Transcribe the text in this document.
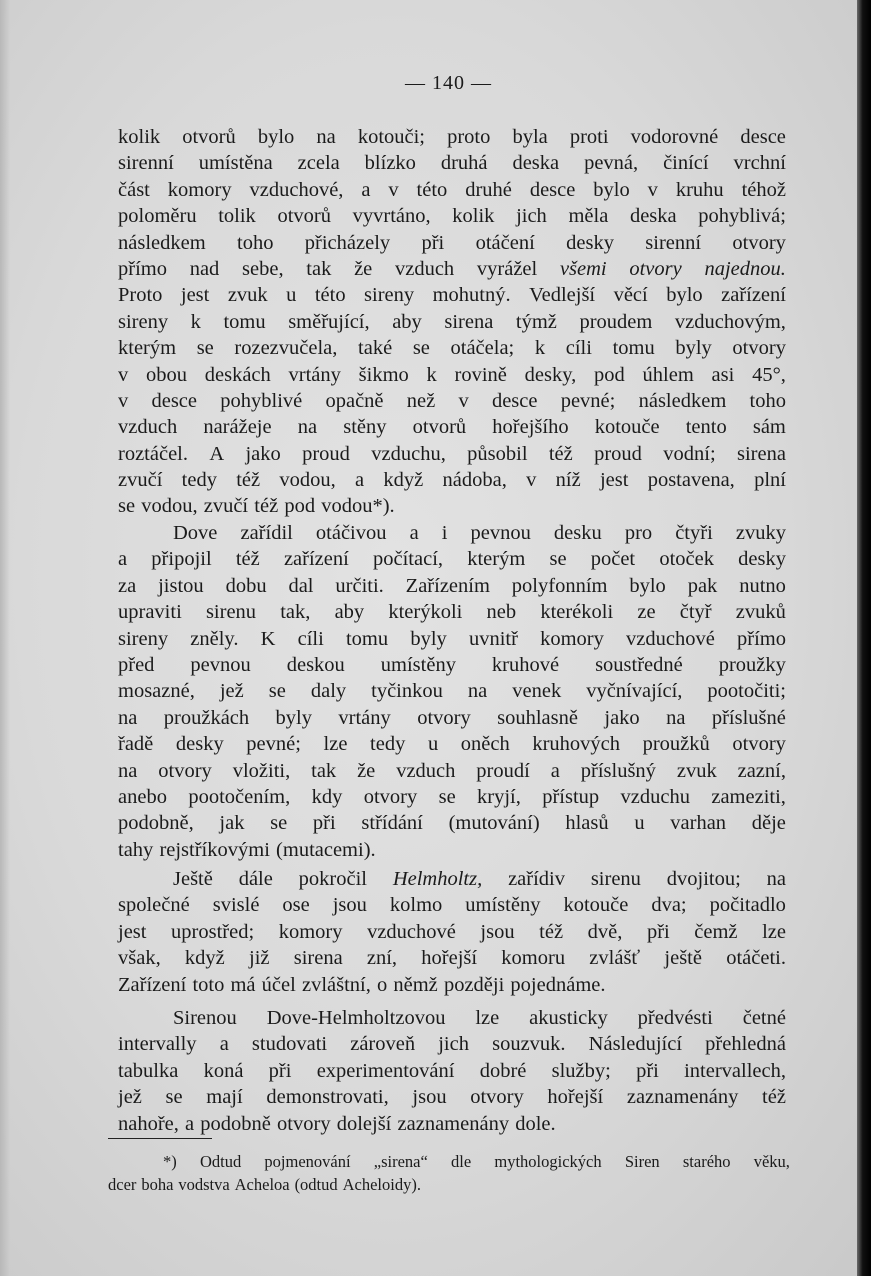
— 140 —
kolik otvorů bylo na kotouči; proto byla proti vodorovné desce
sirenní umístěna zcela blízko druhá deska pevná, činící vrchní
část komory vzduchové, a v této druhé desce bylo v kruhu téhož
poloměru tolik otvorů vyvrtáno, kolik jich měla deska pohyblivá;
následkem toho přicházely při otáčení desky sirenní otvory
přímo nad sebe, tak že vzduch vyrážel všemi otvory najednou.
Proto jest zvuk u této sireny mohutný. Vedlejší věcí bylo zařízení
sireny k tomu směřující, aby sirena týmž proudem vzduchovým,
kterým se rozezvučela, také se otáčela; k cíli tomu byly otvory
v obou deskách vrtány šikmo k rovině desky, pod úhlem asi 45°,
v desce pohyblivé opačně než v desce pevné; následkem toho
vzduch narážeje na stěny otvorů hořejšího kotouče tento sám
roztáčel. A jako proud vzduchu, působil též proud vodní; sirena
zvučí tedy též vodou, a když nádoba, v níž jest postavena, plní
se vodou, zvučí též pod vodou*).
Dove zařídil otáčivou a i pevnou desku pro čtyři zvuky
a připojil též zařízení počítací, kterým se počet otoček desky
za jistou dobu dal určiti. Zařízením polyfonním bylo pak nutno
upraviti sirenu tak, aby kterýkoli neb kterékoli ze čtyř zvuků
sireny zněly. K cíli tomu byly uvnitř komory vzduchové přímo
před pevnou deskou umístěny kruhové soustředné proužky
mosazné, jež se daly tyčinkou na venek vyčnívající, pootočiti;
na proužkách byly vrtány otvory souhlasně jako na příslušné
řadě desky pevné; lze tedy u oněch kruhových proužků otvory
na otvory vložiti, tak že vzduch proudí a příslušný zvuk zazní,
anebo pootočením, kdy otvory se kryjí, přístup vzduchu zameziti,
podobně, jak se při střídání (mutování) hlasů u varhan děje
tahy rejstříkovými (mutacemi).
Ještě dále pokročil Helmholtz, zařídiv sirenu dvojitou; na
společné svislé ose jsou kolmo umístěny kotouče dva; počitadlo
jest uprostřed; komory vzduchové jsou též dvě, při čemž lze
však, když již sirena zní, hořejší komoru zvlášť ještě otáčeti.
Zařízení toto má účel zvláštní, o němž později pojednáme.
Sirenou Dove-Helmholtzovou lze akusticky předvésti četné
intervally a studovati zároveň jich souzvuk. Následující přehledná
tabulka koná při experimentování dobré služby; při intervallech,
jež se mají demonstrovati, jsou otvory hořejší zaznamenány též
nahoře, a podobně otvory dolejší zaznamenány dole.
*) Odtud pojmenování „sirena“ dle mythologických Siren starého věku,
dcer boha vodstva Acheloa (odtud Acheloidy).
